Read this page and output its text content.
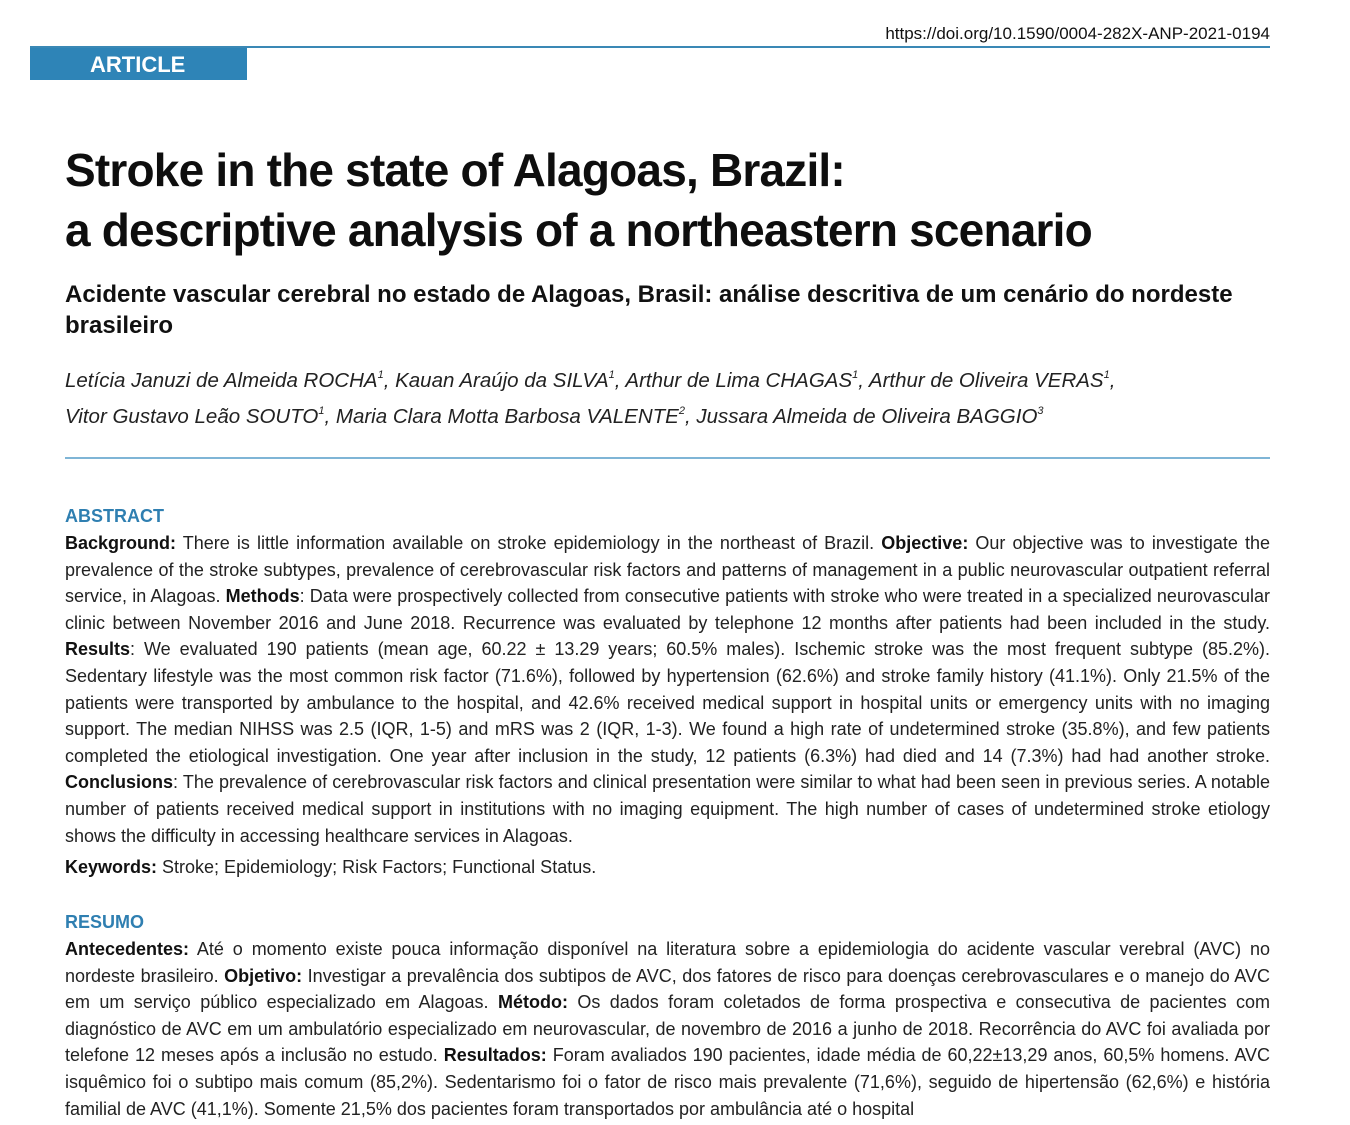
https://doi.org/10.1590/0004-282X-ANP-2021-0194
ARTICLE
Stroke in the state of Alagoas, Brazil:
a descriptive analysis of a northeastern scenario
Acidente vascular cerebral no estado de Alagoas, Brasil: análise descritiva de um cenário do nordeste brasileiro
Letícia Januzi de Almeida ROCHA$^1$, Kauan Araújo da SILVA$^1$, Arthur de Lima CHAGAS$^1$, Arthur de Oliveira VERAS$^1$,
Vitor Gustavo Leão SOUTO$^1$, Maria Clara Motta Barbosa VALENTE$^2$, Jussara Almeida de Oliveira BAGGIO$^3$
ABSTRACT

Background: There is little information available on stroke epidemiology in the northeast of Brazil. Objective: Our objective was to investigate the prevalence of the stroke subtypes, prevalence of cerebrovascular risk factors and patterns of management in a public neurovascular outpatient referral service, in Alagoas. Methods: Data were prospectively collected from consecutive patients with stroke who were treated in a specialized neurovascular clinic between November 2016 and June 2018. Recurrence was evaluated by telephone 12 months after patients had been included in the study. Results: We evaluated 190 patients (mean age, 60.22 ± 13.29 years; 60.5% males). Ischemic stroke was the most frequent subtype (85.2%). Sedentary lifestyle was the most common risk factor (71.6%), followed by hypertension (62.6%) and stroke family history (41.1%). Only 21.5% of the patients were transported by ambulance to the hospital, and 42.6% received medical support in hospital units or emergency units with no imaging support. The median NIHSS was 2.5 (IQR, 1-5) and mRS was 2 (IQR, 1-3). We found a high rate of undetermined stroke (35.8%), and few patients completed the etiological investigation. One year after inclusion in the study, 12 patients (6.3%) had died and 14 (7.3%) had had another stroke. Conclusions: The prevalence of cerebrovascular risk factors and clinical presentation were similar to what had been seen in previous series. A notable number of patients received medical support in institutions with no imaging equipment. The high number of cases of undetermined stroke etiology shows the difficulty in accessing healthcare services in Alagoas.

Keywords: Stroke; Epidemiology; Risk Factors; Functional Status.
RESUMO

Antecedentes: Até o momento existe pouca informação disponível na literatura sobre a epidemiologia do acidente vascular verebral (AVC) no nordeste brasileiro. Objetivo: Investigar a prevalência dos subtipos de AVC, dos fatores de risco para doenças cerebrovasculares e o manejo do AVC em um serviço público especializado em Alagoas. Método: Os dados foram coletados de forma prospectiva e consecutiva de pacientes com diagnóstico de AVC em um ambulatório especializado em neurovascular, de novembro de 2016 a junho de 2018. Recorrência do AVC foi avaliada por telefone 12 meses após a inclusão no estudo. Resultados: Foram avaliados 190 pacientes, idade média de 60,22±13,29 anos, 60,5% homens. AVC isquêmico foi o subtipo mais comum (85,2%). Sedentarismo foi o fator de risco mais prevalente (71,6%), seguido de hipertensão (62,6%) e história familial de AVC (41,1%). Somente 21,5% dos pacientes foram transportados por ambulância até o hospital
